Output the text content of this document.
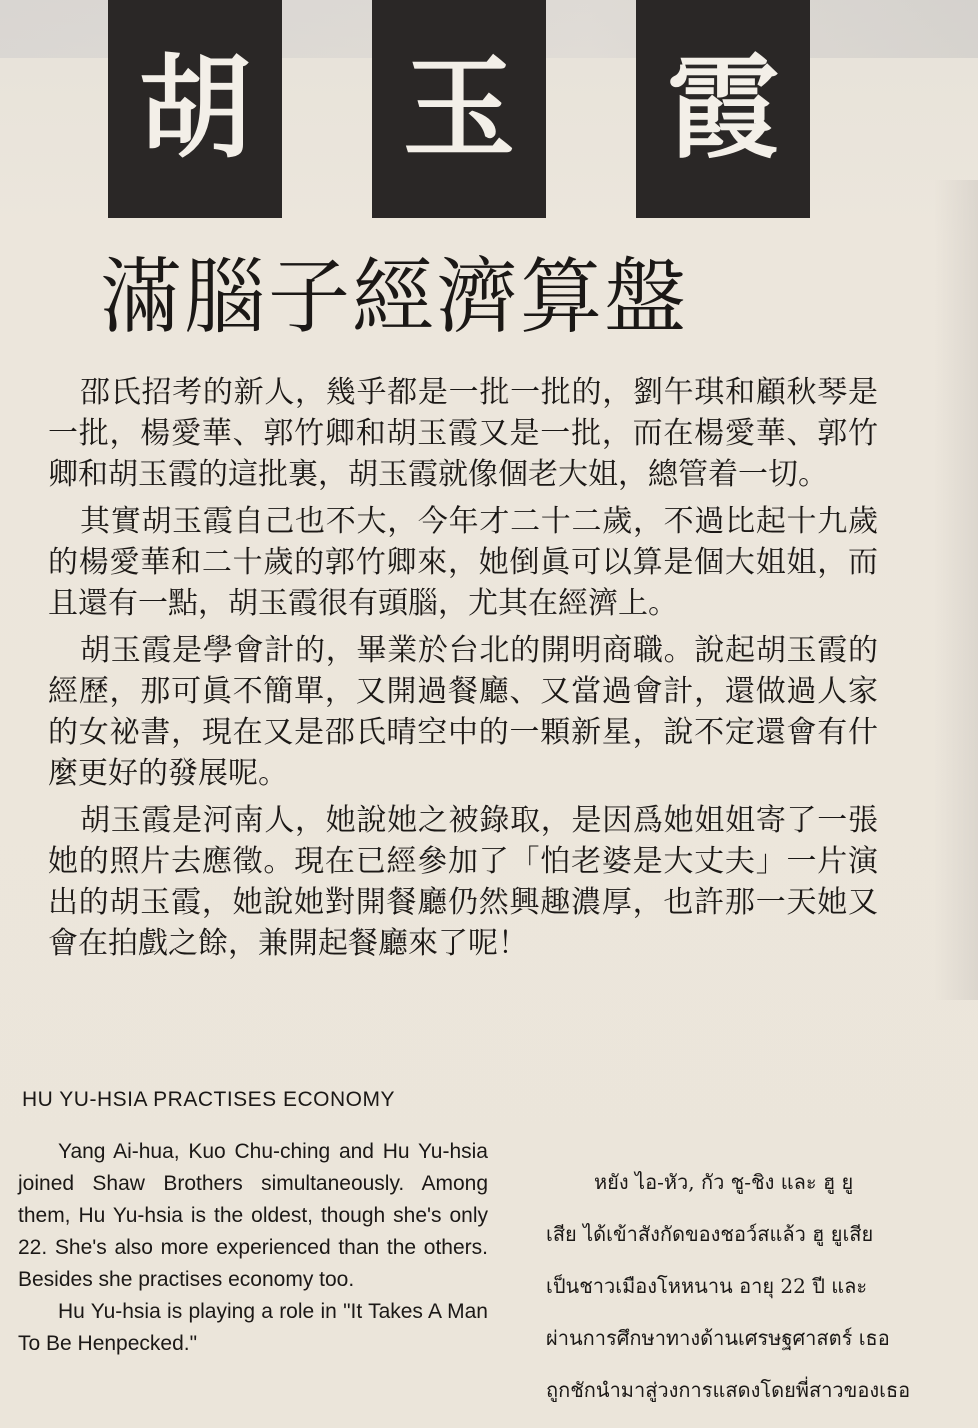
胡 玉 霞
滿腦子經濟算盤

邵氏招考的新人，幾乎都是一批一批的，劉午琪和顧秋琴是一批，楊愛華、郭竹卿和胡玉霞又是一批，而在楊愛華、郭竹卿和胡玉霞的這批裏，胡玉霞就像個老大姐，總管着一切。

其實胡玉霞自己也不大，今年才二十二歲，不過比起十九歲的楊愛華和二十歲的郭竹卿來，她倒眞可以算是個大姐姐，而且還有一點，胡玉霞很有頭腦，尤其在經濟上。

胡玉霞是學會計的，畢業於台北的開明商職。說起胡玉霞的經歷，那可眞不簡單，又開過餐廳、又當過會計，還做過人家的女祕書，現在又是邵氏晴空中的一顆新星，說不定還會有什麼更好的發展呢。

胡玉霞是河南人，她說她之被錄取，是因爲她姐姐寄了一張她的照片去應徵。現在已經參加了「怕老婆是大丈夫」一片演出的胡玉霞，她說她對開餐廳仍然興趣濃厚，也許那一天她又會在拍戲之餘，兼開起餐廳來了呢！

HU YU-HSIA PRACTISES ECONOMY

Yang Ai-hua, Kuo Chu-ching and Hu Yu-hsia joined Shaw Brothers simultaneously. Among them, Hu Yu-hsia is the oldest, though she's only 22. She's also more experienced than the others. Besides she practises economy too.

Hu Yu-hsia is playing a role in "It Takes A Man To Be Henpecked."

หยัง ไอ-หัว, กัว ชู-ชิง และ ฮู ยู
เสีย ได้เข้าสังกัดของชอว์สแล้ว ฮู ยูเสีย
เป็นชาวเมืองโหหนาน อายุ 22 ปี และ
ผ่านการศึกษาทางด้านเศรษฐศาสตร์ เธอ
ถูกชักนำมาสู่วงการแสดงโดยพี่สาวของเธอ
